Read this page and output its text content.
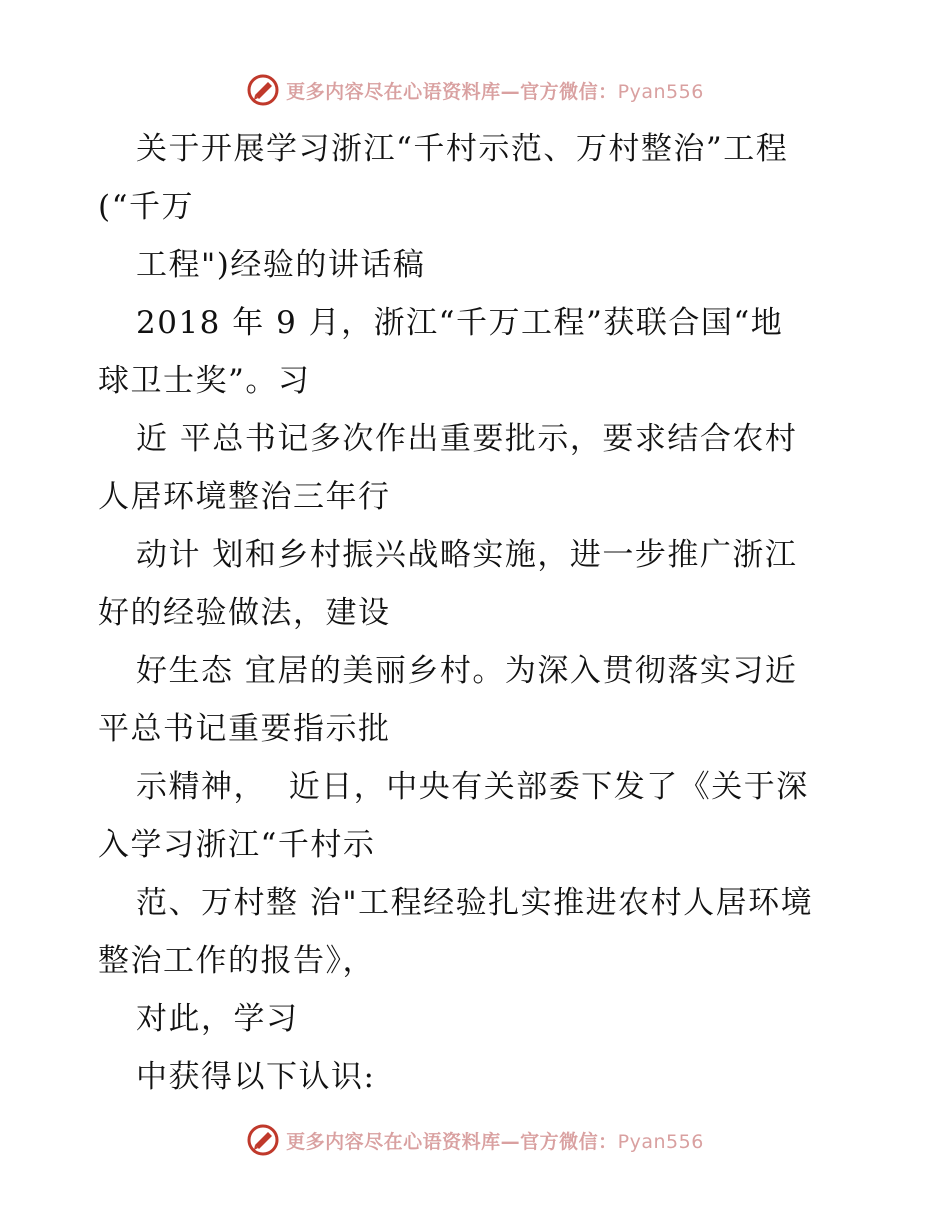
更多内容尽在心语资料库—官方微信：Pyan556
关于开展学习浙江“千村示范、万村整治”工程
(“千万
工程")经验的讲话稿
2018 年 9 月，浙江“千万工程”获联合国“地
球卫士奖”。习
近 平总书记多次作出重要批示，要求结合农村
人居环境整治三年行
动计 划和乡村振兴战略实施，进一步推广浙江
好的经验做法，建设
好生态 宜居的美丽乡村。为深入贯彻落实习近
平总书记重要指示批
示精神，  近日，中央有关部委下发了《关于深
入学习浙江“千村示
范、万村整 治"工程经验扎实推进农村人居环境
整治工作的报告》，
对此，学习
中获得以下认识:
更多内容尽在心语资料库—官方微信：Pyan556
